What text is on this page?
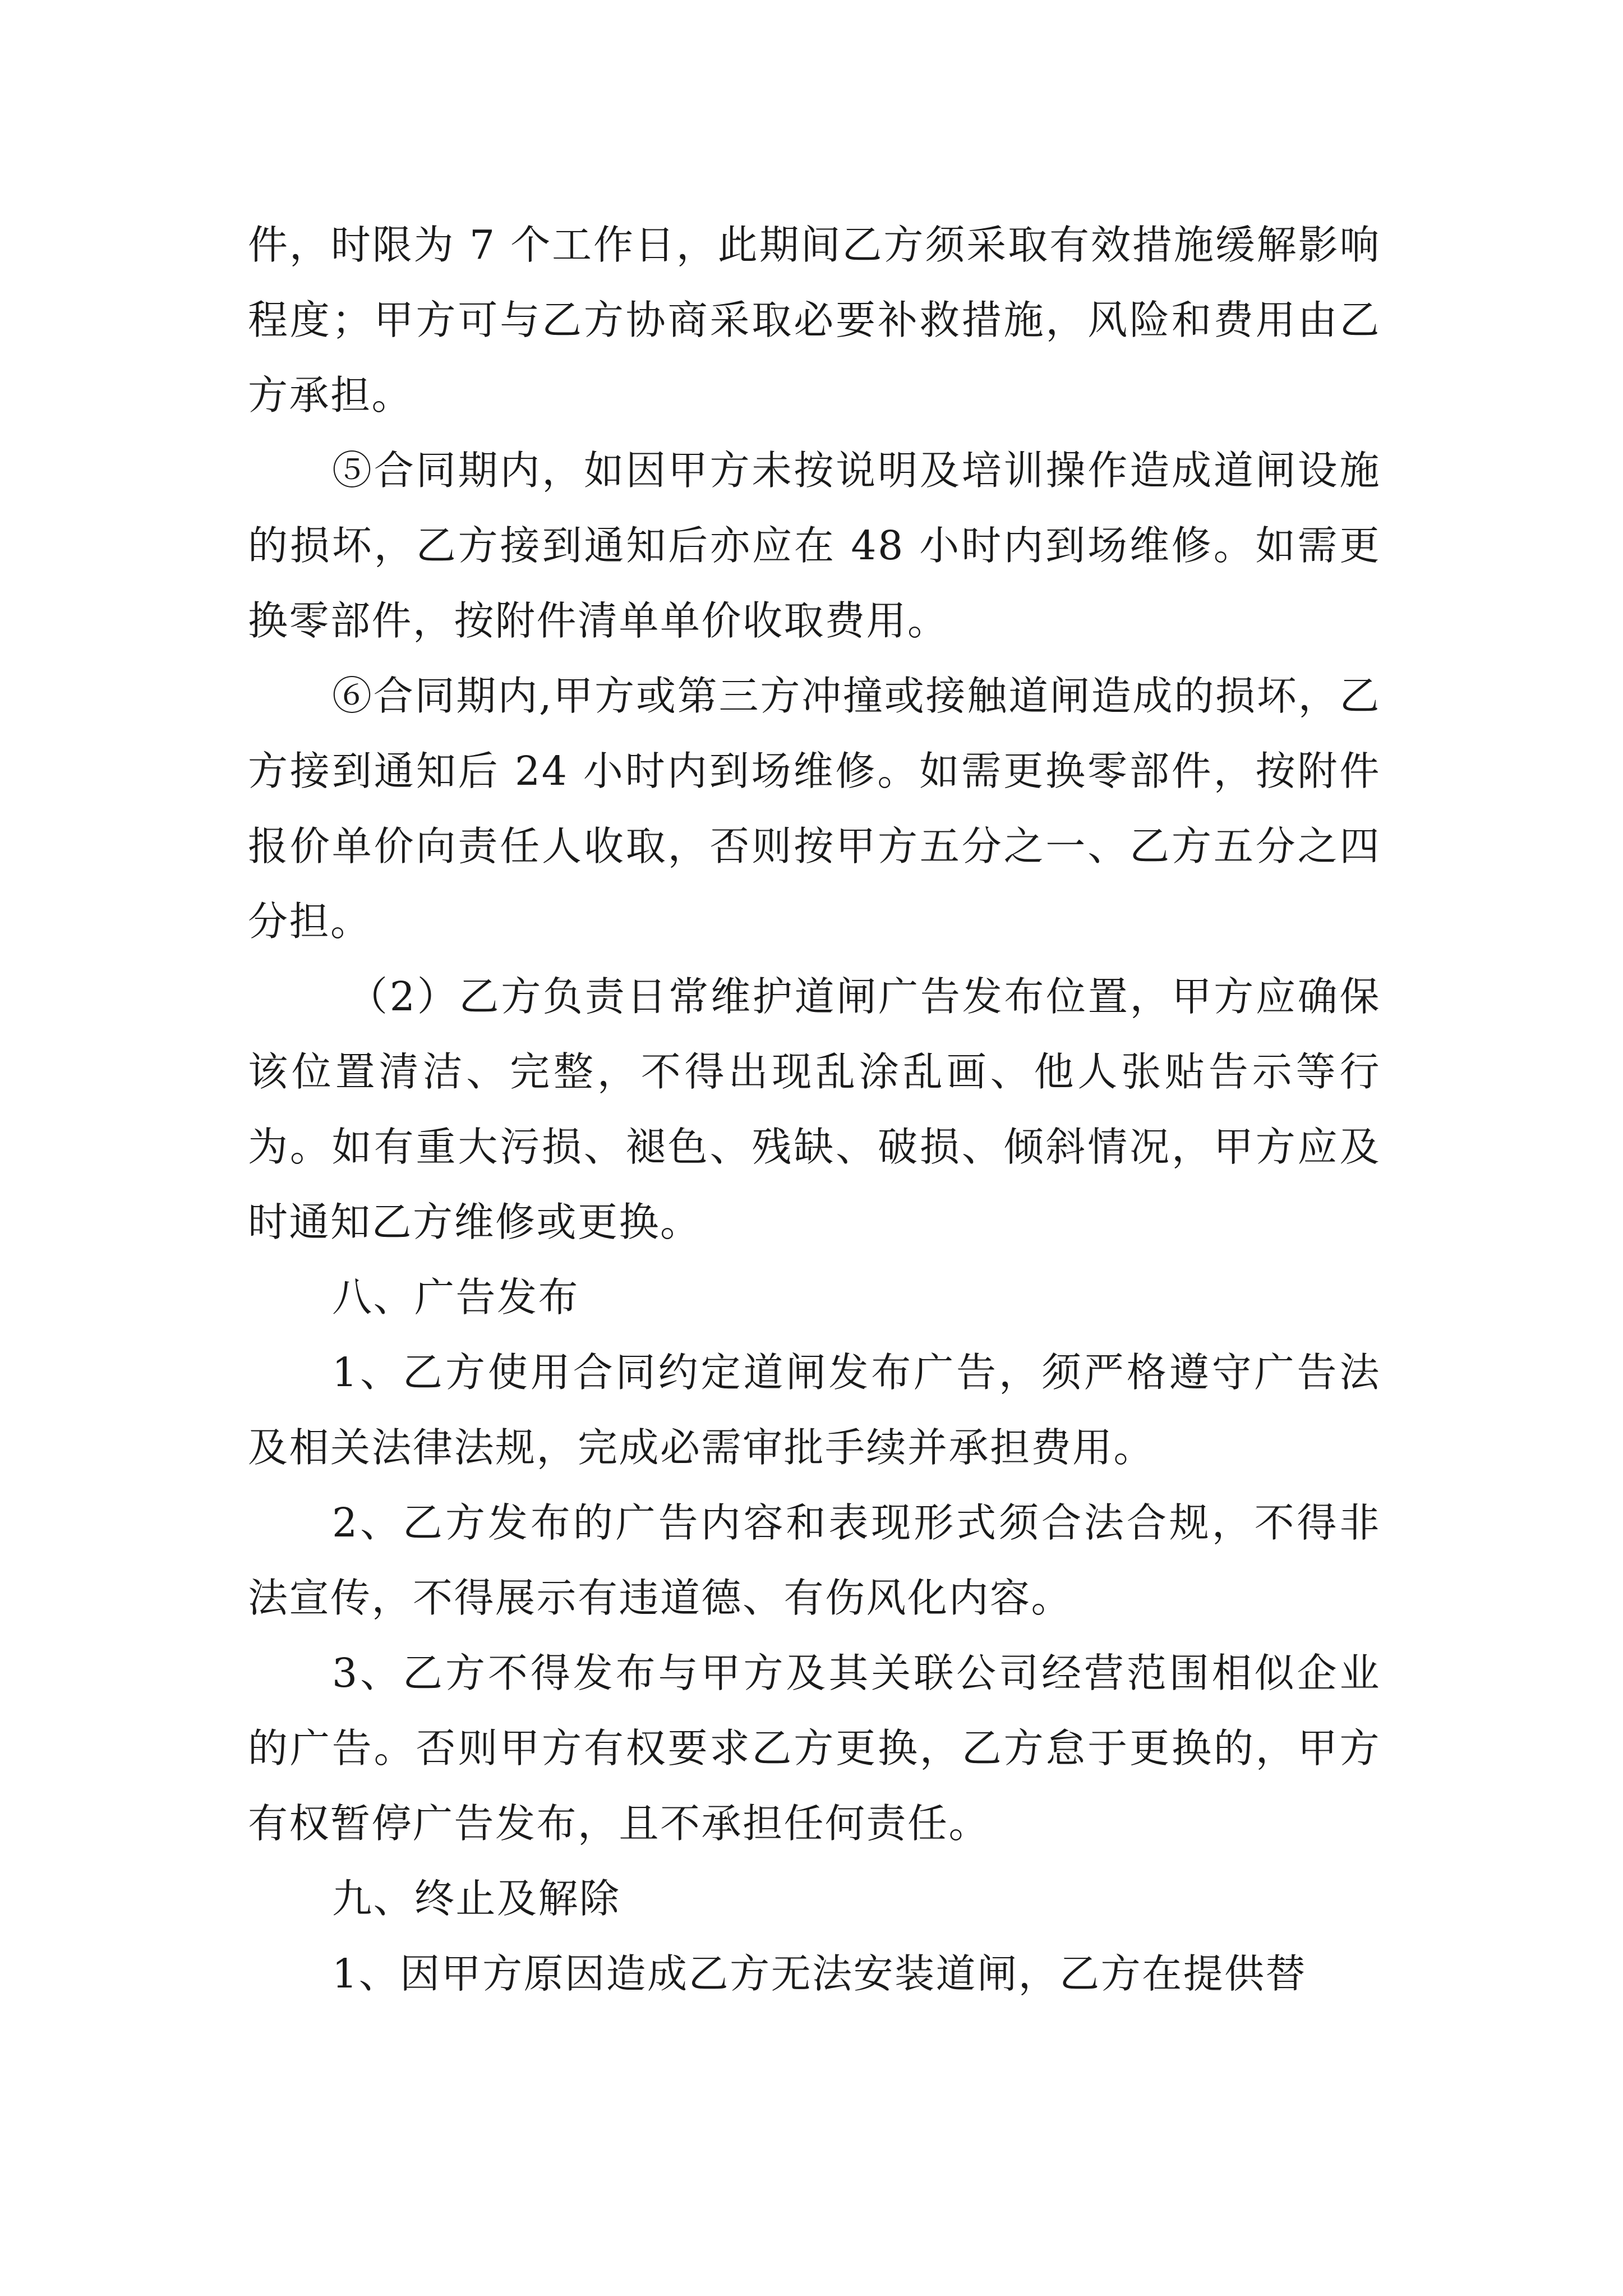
件，时限为 7 个工作日，此期间乙方须采取有效措施缓解影响程度；甲方可与乙方协商采取必要补救措施，风险和费用由乙方承担。

⑤合同期内，如因甲方未按说明及培训操作造成道闸设施的损坏，乙方接到通知后亦应在 48 小时内到场维修。如需更换零部件，按附件清单单价收取费用。

⑥合同期内,甲方或第三方冲撞或接触道闸造成的损坏，乙方接到通知后 24 小时内到场维修。如需更换零部件，按附件报价单价向责任人收取，否则按甲方五分之一、乙方五分之四分担。

（2）乙方负责日常维护道闸广告发布位置，甲方应确保该位置清洁、完整，不得出现乱涂乱画、他人张贴告示等行为。如有重大污损、褪色、残缺、破损、倾斜情况，甲方应及时通知乙方维修或更换。

八、广告发布

1、乙方使用合同约定道闸发布广告，须严格遵守广告法及相关法律法规，完成必需审批手续并承担费用。

2、乙方发布的广告内容和表现形式须合法合规，不得非法宣传，不得展示有违道德、有伤风化内容。

3、乙方不得发布与甲方及其关联公司经营范围相似企业的广告。否则甲方有权要求乙方更换，乙方怠于更换的，甲方有权暂停广告发布，且不承担任何责任。

九、终止及解除

1、因甲方原因造成乙方无法安装道闸，乙方在提供替
